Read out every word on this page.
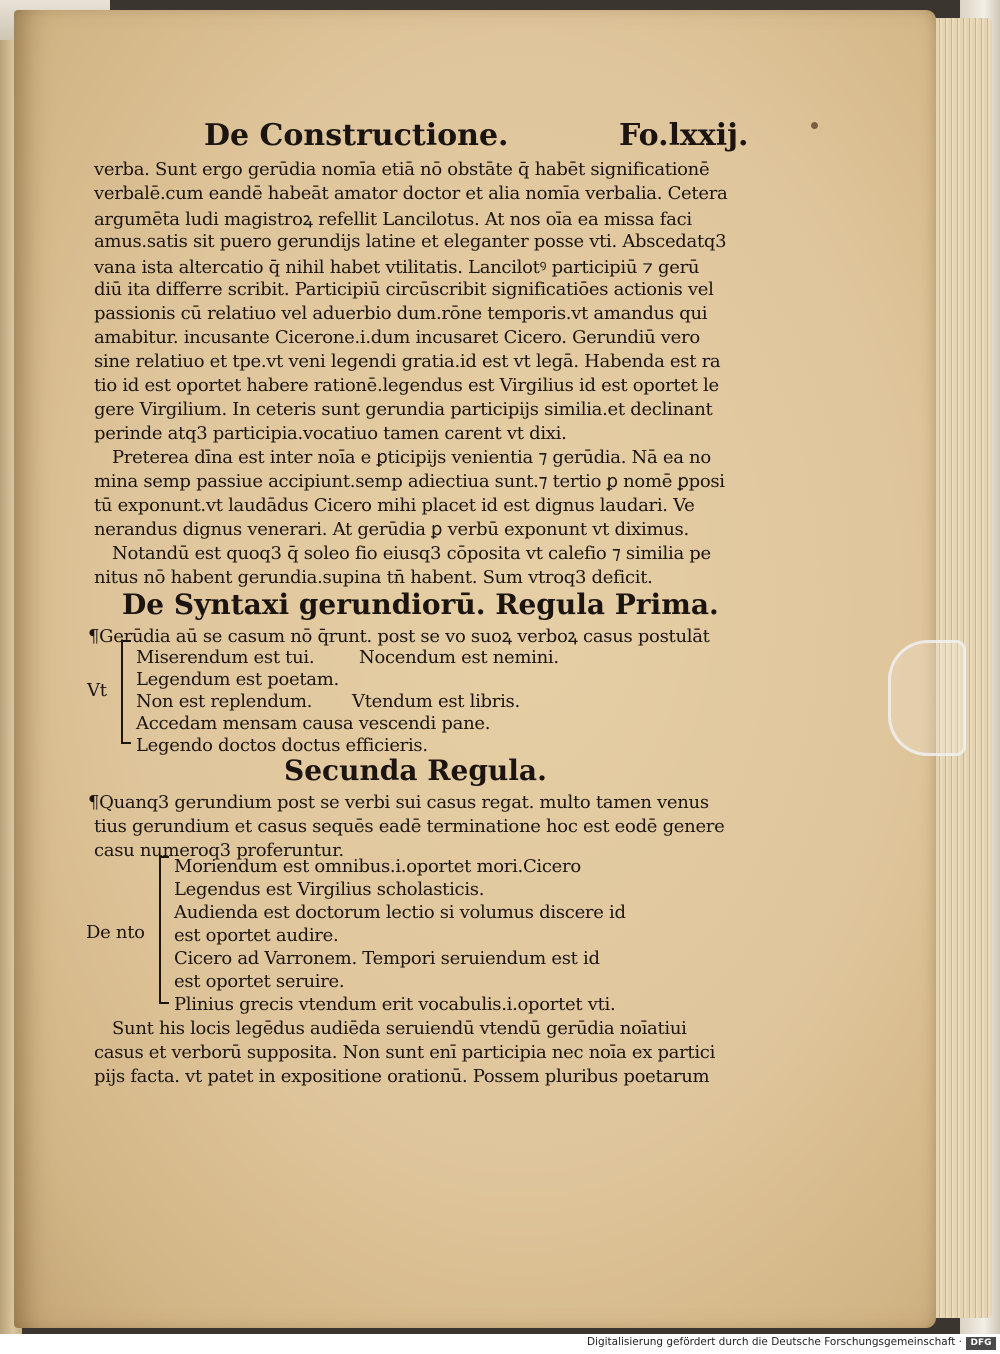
De Constructione.	Fo.lxxij.

verba. Sunt ergo gerūdia nomīa etiā nō obstāte q̄ habēt significationē

verbalē.cum eandē habeāt amator doctor et alia nomīa verbalia. Cetera

argumēta ludi magistroꝝ refellit Lancilotus. At nos oīa ea missa faci

amus.satis sit puero gerundijs latine et eleganter posse vti. Abscedatq3

vana ista altercatio q̄ nihil habet vtilitatis. Lancilotꝰ participiū ⁊ gerū

diū ita differre scribit. Participiū circūscribit significatiōes actionis vel

passionis cū relatiuo vel aduerbio dum.rōne temporis.vt amandus qui

amabitur. incusante Cicerone.i.dum incusaret Cicero. Gerundiū vero

sine relatiuo et tpe.vt veni legendi gratia.id est vt legā. Habenda est ra

tio id est oportet habere rationē.legendus est Virgilius id est oportet le

gere Virgilium. In ceteris sunt gerundia participijs similia.et declinant

perinde atq3 participia.vocatiuo tamen carent vt dixi.

Preterea dīna est inter noīa e ꝑticipijs venientia ⁊ gerūdia. Nā ea no

mina semp passiue accipiunt.semp adiectiua sunt.⁊ tertio ꝑ nomē ꝑposi

tū exponunt.vt laudādus Cicero mihi placet id est dignus laudari. Ve

nerandus dignus venerari. At gerūdia ꝑ verbū exponunt vt diximus.

Notandū est quoq3 q̄ soleo fio eiusq3 cōposita vt calefio ⁊ similia pe

nitus nō habent gerundia.supina tn̄ habent. Sum vtroq3 deficit.

De Syntaxi gerundiorū. Regula Prima.

¶Gerūdia aū se casum nō q̄runt. post se vo suoꝝ verboꝝ casus postulāt

Vt

Miserendum est tui. Nocendum est nemini.

Legendum est poetam.

Non est replendum. Vtendum est libris.

Accedam mensam causa vescendi pane.

Legendo doctos doctus efficieris.

Secunda Regula.

¶Quanq3 gerundium post se verbi sui casus regat. multo tamen venus

tius gerundium et casus sequēs eadē terminatione hoc est eodē genere

casu numeroq3 proferuntur.

De nto

Moriendum est omnibus.i.oportet mori.Cicero

Legendus est Virgilius scholasticis.

Audienda est doctorum lectio si volumus discere id

est oportet audire.

Cicero ad Varronem. Tempori seruiendum est id

est oportet seruire.

Plinius grecis vtendum erit vocabulis.i.oportet vti.

Sunt his locis legēdus audiēda seruiendū vtendū gerūdia noīatiui

casus et verborū supposita. Non sunt enī participia nec noīa ex partici

pijs facta. vt patet in expositione orationū. Possem pluribus poetarum

Digitalisierung gefördert durch die Deutsche Forschungsgemeinschaft · DFG
